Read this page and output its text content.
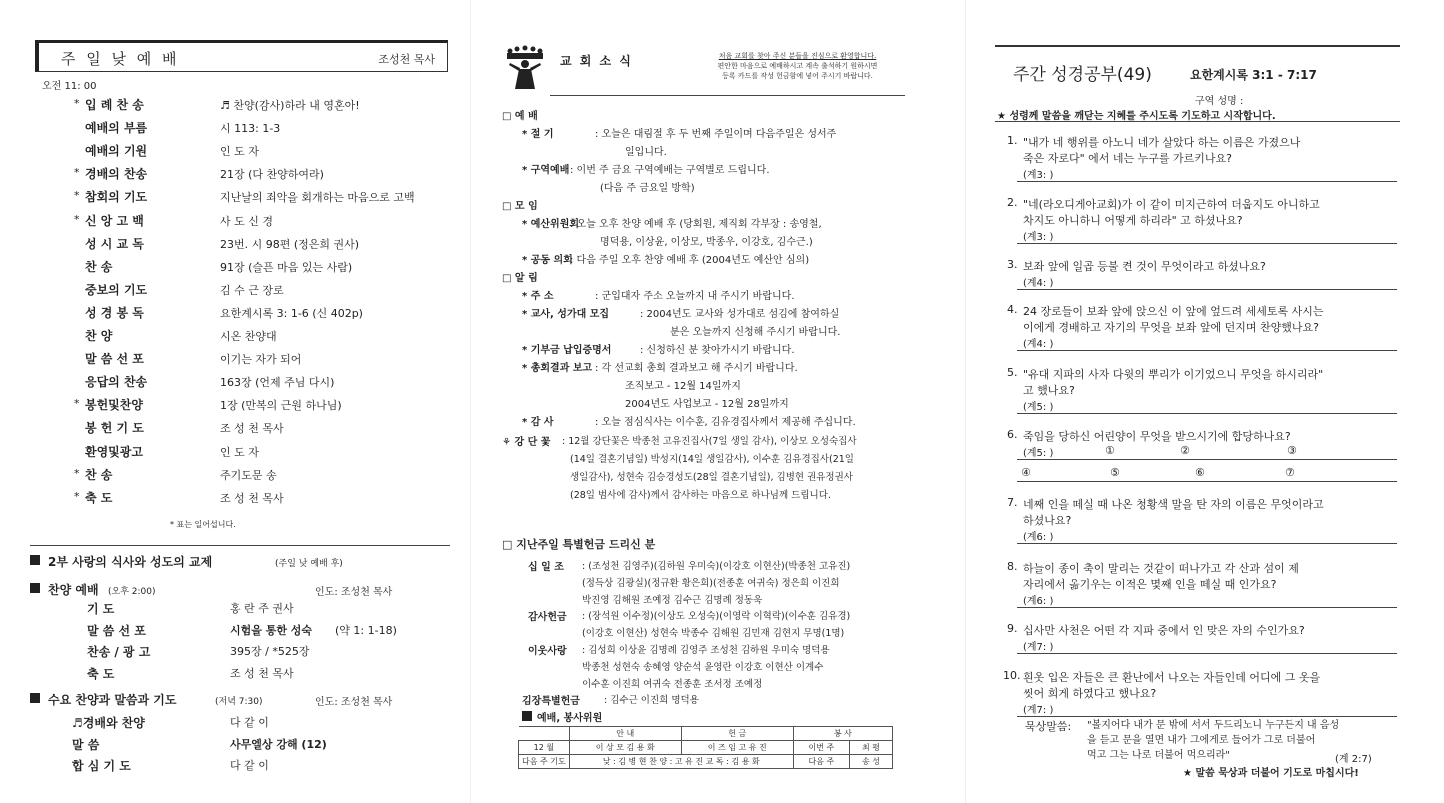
주 일 낮 예 배	조성천 목사
오전 11: 00
* 입 례 찬 송	♬ 찬양(감사)하라 내 영혼아!
예배의 부름	시 113: 1-3
예배의 기원	인 도 자
* 경배의 찬송	21장 (다 찬양하여라)
* 참회의 기도	지난날의 죄악을 회개하는 마음으로 고백
* 신 앙 고 백	사 도 신 경
성 시 교 독	23번. 시 98편 (정은희 권사)
찬 송	91장 (슬픈 마음 있는 사람)
중보의 기도	김 수 근 장로
성 경 봉 독	요한계시록 3: 1-6 (신 402p)
찬 양	시온 찬양대
말 씀 선 포	이기는 자가 되어
응답의 찬송	163장 (언제 주님 다시)
* 봉헌및찬양	1장 (만복의 근원 하나님)
봉 헌 기 도	조 성 천 목사
환영및광고	인 도 자
* 찬 송	주기도문 송
* 축 도	조 성 천 목사
* 표는 일어섭니다.
2부 사랑의 식사와 성도의 교제	(주일 낮 예배 후)
찬양 예배 (오후 2:00)	인도: 조성천 목사
기 도	홍 란 주 권사
말 씀 선 포	시험을 통한 성숙 (약 1: 1-18)
찬송 / 광 고	395장 / *525장
축 도	조 성 천 목사
수요 찬양과 말씀과 기도	(저녁 7:30)	인도: 조성천 목사
♬경배와 찬양	다 같 이
말 씀	사무엘상 강해 (12)
합 심 기 도	다 같 이
교 회 소 식	처음 교회를 찾아 주신 분들을 진심으로 환영합니다.
편안한 마음으로 예배하시고 계속 출석하기 원하시면
등록 카드를 작성 헌금함에 넣어 주시기 바랍니다.
□ 예 배
* 절 기	: 오늘은 대림절 후 두 번째 주일이며 다음주일은 성서주
일입니다.
* 구역예배 : 이번 주 금요 구역예배는 구역별로 드립니다.
(다음 주 금요일 방학)
□ 모 임
* 예산위원회
: 오늘 오후 찬양 예배 후 (당회원, 제직회 각부장 : 송영철,
명덕용, 이상윤, 이상모, 박종우, 이강호, 김수근.)
* 공동 의회
: 다음 주일 오후 찬양 예배 후 (2004년도 예산안 심의)
□ 알 림
* 주 소	: 군입대자 주소 오늘까지 내 주시기 바랍니다.
* 교사, 성가대 모집	: 2004년도 교사와 성가대로 섬김에 참여하실
분은 오늘까지 신청해 주시기 바랍니다.
* 기부금 납입증명서	: 신청하신 분 찾아가시기 바랍니다.
* 총회결과 보고 : 각 선교회 총회 결과보고 해 주시기 바랍니다.
조직보고 - 12월 14일까지
2004년도 사업보고 - 12월 28일까지
* 감 사	: 오늘 점심식사는 이수훈, 김유경집사께서 제공해 주십니다.
⚘ 강 단 꽃 : 12월 강단꽃은 박종천 고유진집사(7일 생일 감사), 이상모 오성숙집사
(14일 결혼기념일) 박성지(14일 생일감사), 이수훈 김유경집사(21일
생일감사), 성현숙 김승경성도(28일 결혼기념일), 김병현 권유정권사
(28일 범사에 감사)께서 감사하는 마음으로 하나님께 드립니다.
□ 지난주일 특별헌금 드리신 분
십 일 조 : (조성천 김영주)(김하원 우미숙)(이강호 이현산)(박종천 고유진)
(정득상 김광실)(정규환 황은희)(전종훈 여귀숙) 정은희 이진희
박진영 김해원 조예정 김수근 김명례 정동욱
감사헌금 : (장석원 이수정)(이상도 오성숙)(이영락 이혁락)(이수훈 김유경)
(이강호 이현산) 성현숙 박종수 김해원 김민재 김현지 무명(1명)
이웃사랑 : 김성희 이상윤 김명례 김영주 조성천 김하원 우미숙 명덕용
박종천 성현숙 송혜영 양순석 윤영란 이강호 이현산 이계수
이수훈 이진희 여귀숙 전종훈 조서정 조예정
김장특별헌금	: 김수근 이진희 명덕용
예배, 봉사위원
	안 내	헌 금	봉 사	
12 월	이 상 모 김 용 화	이 즈 임 고 유 진	이번 주	최 평
다음 주 기도	낮 : 김 병 현 찬 양 : 고 유 진 교 독 : 김 용 화		다음 주	송 성
주간 성경공부(49)	요한계시록 3:1 - 7:17
구역 성명 :
★ 성령께 말씀을 깨닫는 지혜를 주시도록 기도하고 시작합니다.
1. "내가 네 행위를 아노니 네가 살았다 하는 이름은 가졌으나
죽은 자로다" 에서 네는 누구를 가르키나요?
(계3: )
2. "네(라오디게아교회)가 이 같이 미지근하여 더웁지도 아니하고
차지도 아니하니 어떻게 하리라" 고 하셨나요?
(계3: )
3. 보좌 앞에 일곱 등불 켠 것이 무엇이라고 하셨나요?
(계4: )
4. 24 장로들이 보좌 앞에 앉으신 이 앞에 엎드려 세세토록 사시는
이에게 경배하고 자기의 무엇을 보좌 앞에 던지며 찬양했나요?
(계4: )
5. "유대 지파의 사자 다윗의 뿌리가 이기었으니 무엇을 하시리라"
고 했나요?
(계5: )
6. 죽임을 당하신 어린양이 무엇을 받으시기에 합당하나요?
(계5: )	①	②	③
④	⑤	⑥	⑦
7. 네째 인을 떼실 때 나온 청황색 말을 탄 자의 이름은 무엇이라고
하셨나요?
(계6: )
8. 하늘이 종이 축이 말리는 것같이 떠나가고 각 산과 섬이 제
자리에서 옮기우는 이적은 몇째 인을 떼실 때 인가요?
(계6: )
9. 십사만 사천은 어떤 각 지파 중에서 인 맞은 자의 수인가요?
(계7: )
10. 흰옷 입은 자들은 큰 환난에서 나오는 자들인데 어디에 그 옷을
씻어 희게 하였다고 했나요?
(계7: )
묵상말씀: "볼지어다 내가 문 밖에 서서 두드리노니 누구든지 내 음성
을 듣고 문을 열면 내가 그에게로 들어가 그로 더불어
먹고 그는 나로 더불어 먹으리라"	(계 2:7)
★ 말씀 묵상과 더불어 기도로 마칩시다!
